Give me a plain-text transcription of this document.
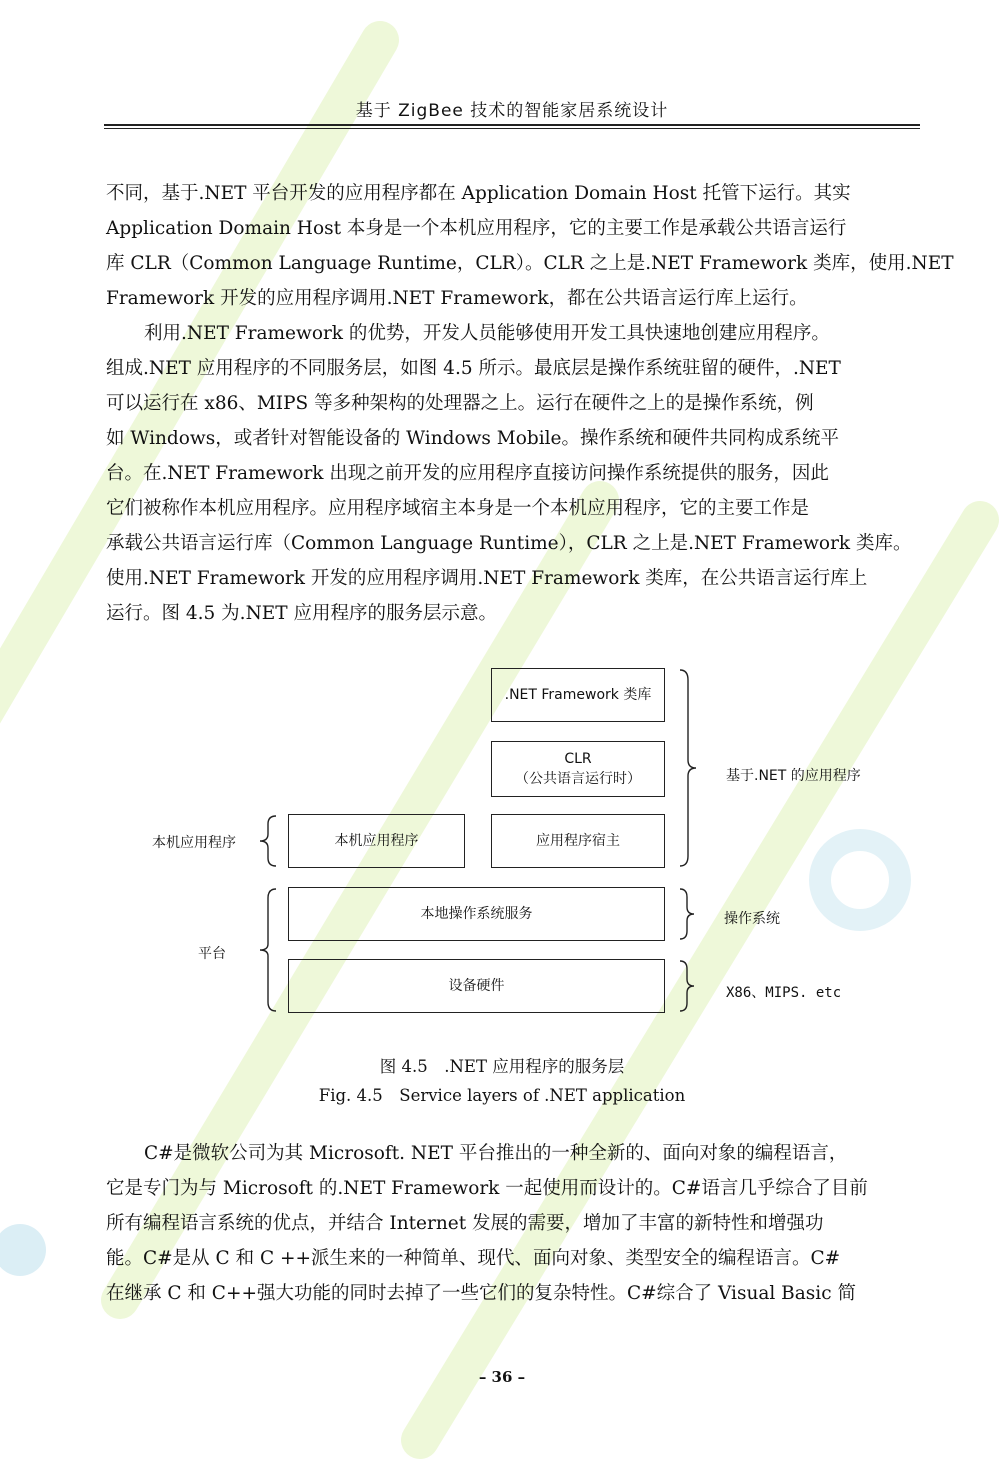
基于 ZigBee 技术的智能家居系统设计
不同，基于.NET 平台开发的应用程序都在 Application Domain Host 托管下运行。其实
Application Domain Host 本身是一个本机应用程序，它的主要工作是承载公共语言运行
库 CLR（Common Language Runtime，CLR）。CLR 之上是.NET Framework 类库，使用.NET
Framework 开发的应用程序调用.NET Framework，都在公共语言运行库上运行。
利用.NET Framework 的优势，开发人员能够使用开发工具快速地创建应用程序。
组成.NET 应用程序的不同服务层，如图 4.5 所示。最底层是操作系统驻留的硬件，.NET
可以运行在 x86、MIPS 等多种架构的处理器之上。运行在硬件之上的是操作系统，例
如 Windows，或者针对智能设备的 Windows Mobile。操作系统和硬件共同构成系统平
台。在.NET Framework 出现之前开发的应用程序直接访问操作系统提供的服务，因此
它们被称作本机应用程序。应用程序域宿主本身是一个本机应用程序，它的主要工作是
承载公共语言运行库（Common Language Runtime），CLR 之上是.NET Framework 类库。
使用.NET Framework 开发的应用程序调用.NET Framework 类库，在公共语言运行库上
运行。图 4.5 为.NET 应用程序的服务层示意。
.NET Framework 类库
CLR
（公共语言运行时）
本机应用程序	应用程序宿主
本地操作系统服务
设备硬件
基于.NET 的应用程序
本机应用程序
操作系统
平台
X86、MIPS. etc
图 4.5　.NET 应用程序的服务层
Fig. 4.5　Service layers of .NET application
C#是微软公司为其 Microsoft. NET 平台推出的一种全新的、面向对象的编程语言，
它是专门为与 Microsoft 的.NET Framework 一起使用而设计的。C#语言几乎综合了目前
所有编程语言系统的优点，并结合 Internet 发展的需要，增加了丰富的新特性和增强功
能。C#是从 C 和 C ++派生来的一种简单、现代、面向对象、类型安全的编程语言。C#
在继承 C 和 C++强大功能的同时去掉了一些它们的复杂特性。C#综合了 Visual Basic 简
– 36 –
